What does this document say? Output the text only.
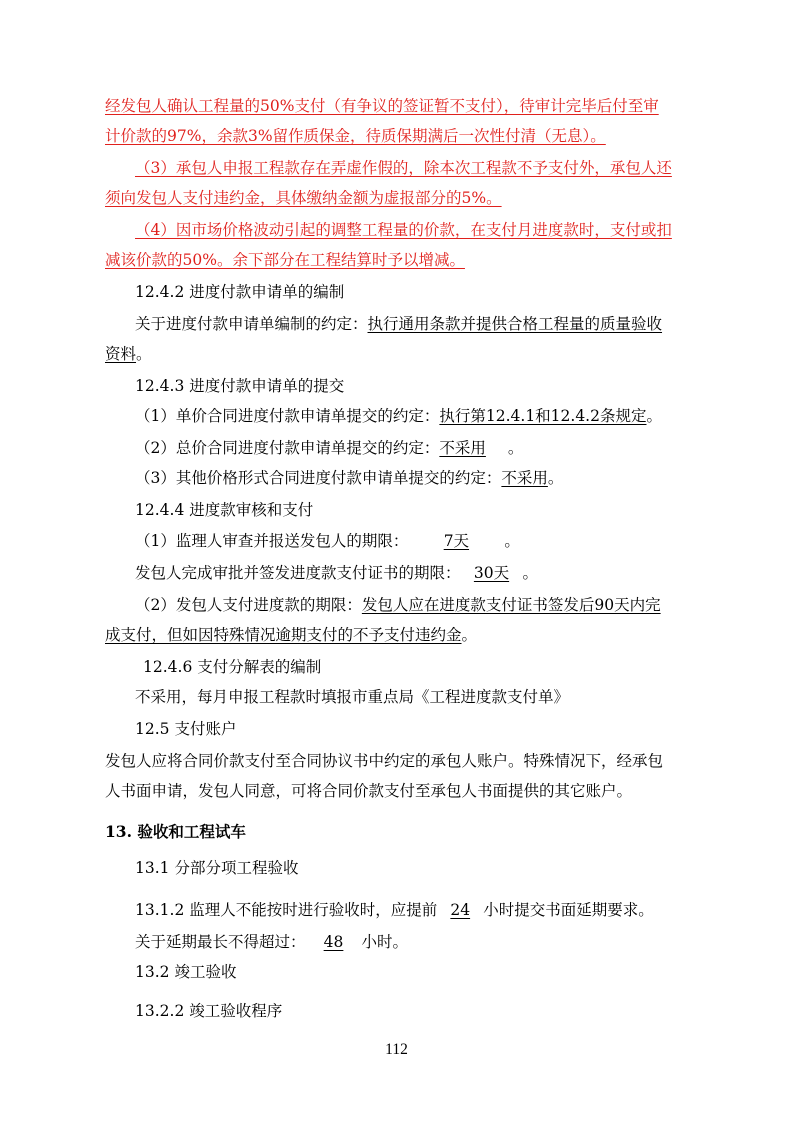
经发包人确认工程量的50%支付（有争议的签证暂不支付），待审计完毕后付至审
计价款的97%，余款3%留作质保金，待质保期满后一次性付清（无息）。
（3）承包人申报工程款存在弄虚作假的，除本次工程款不予支付外，承包人还
须向发包人支付违约金，具体缴纳金额为虚报部分的5%。
（4）因市场价格波动引起的调整工程量的价款，在支付月进度款时，支付或扣
减该价款的50%。余下部分在工程结算时予以增减。
12.4.2 进度付款申请单的编制
关于进度付款申请单编制的约定：执行通用条款并提供合格工程量的质量验收
资料。
12.4.3 进度付款申请单的提交
（1）单价合同进度付款申请单提交的约定：执行第12.4.1和12.4.2条规定。
（2）总价合同进度付款申请单提交的约定：不采用 。
（3）其他价格形式合同进度付款申请单提交的约定：不采用。
12.4.4 进度款审核和支付
（1）监理人审查并报送发包人的期限： 7天 。
发包人完成审批并签发进度款支付证书的期限： 30天 。
（2）发包人支付进度款的期限：发包人应在进度款支付证书签发后90天内完
成支付，但如因特殊情况逾期支付的不予支付违约金。
12.4.6 支付分解表的编制
不采用，每月申报工程款时填报市重点局《工程进度款支付单》
12.5 支付账户
发包人应将合同价款支付至合同协议书中约定的承包人账户。特殊情况下，经承包
人书面申请，发包人同意，可将合同价款支付至承包人书面提供的其它账户。
13. 验收和工程试车
13.1 分部分项工程验收
13.1.2 监理人不能按时进行验收时，应提前 24 小时提交书面延期要求。
关于延期最长不得超过： 48 小时。
13.2 竣工验收
13.2.2 竣工验收程序
112
